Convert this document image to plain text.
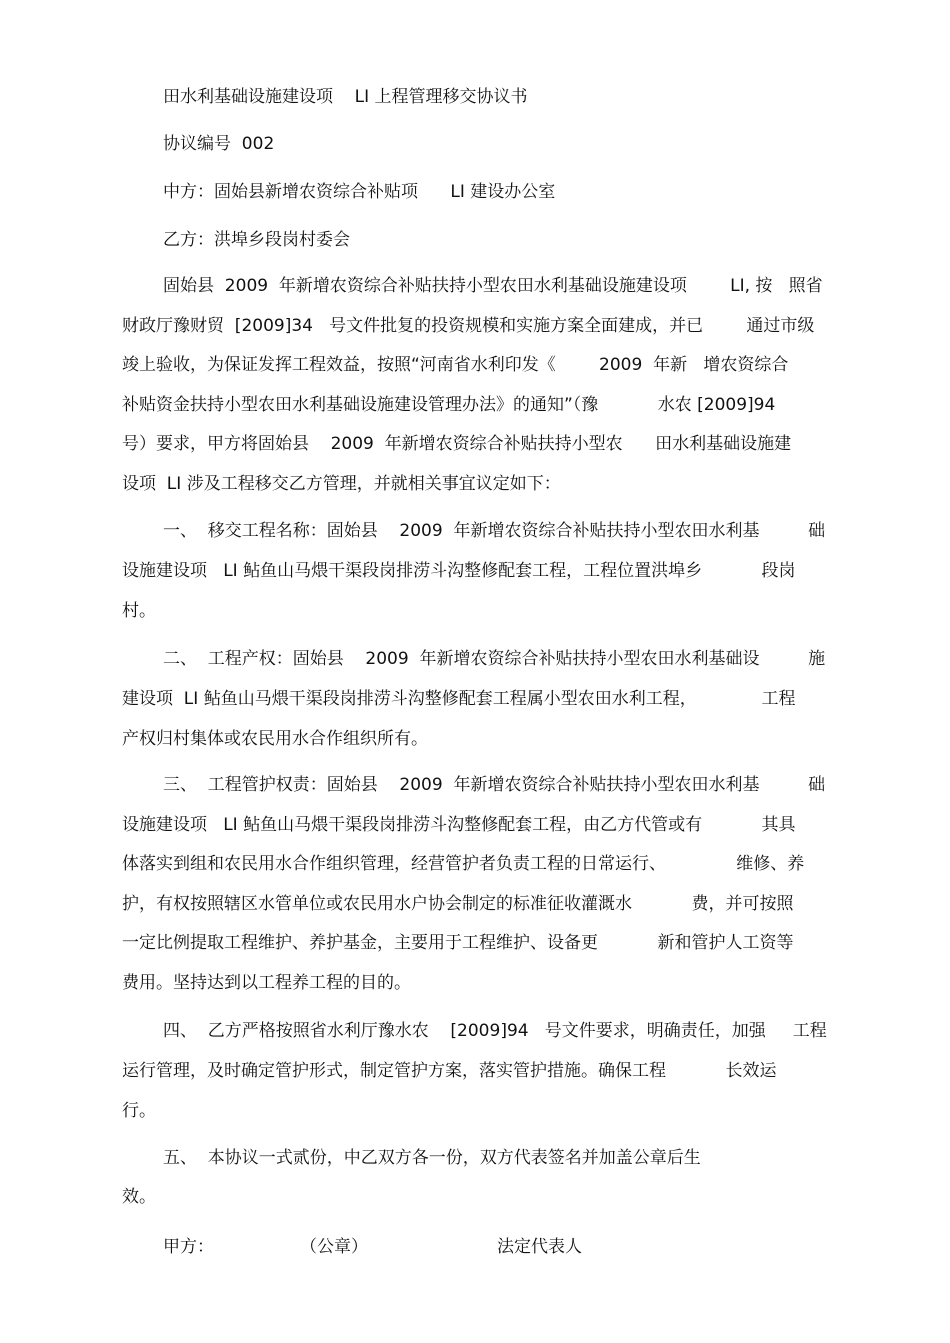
田水利基础设施建设项    LI 上程管理移交协议书
协议编号  002
中方：固始县新增农资综合补贴项      LI 建设办公室
乙方：洪埠乡段岗村委会
固始县  2009  年新增农资综合补贴扶持小型农田水利基础设施建设项        LI, 按   照省
财政厅豫财贸  [2009]34   号文件批复的投资规模和实施方案全面建成，并已        通过市级
竣上验收，为保证发挥工程效益，按照“河南省水利印发《        2009  年新   增农资综合
补贴资金扶持小型农田水利基础设施建设管理办法》的通知”（豫           水农 [2009]94
号）要求，甲方将固始县    2009  年新增农资综合补贴扶持小型农      田水利基础设施建
设项  LI 涉及工程移交乙方管理，并就相关事宜议定如下：
一、  移交工程名称：固始县    2009  年新增农资综合补贴扶持小型农田水利基         础
设施建设项   LI 鲇鱼山马煨干渠段岗排涝斗沟整修配套工程，工程位置洪埠乡           段岗
村。
二、  工程产权：固始县    2009  年新增农资综合补贴扶持小型农田水利基础设         施
建设项  LI 鲇鱼山马煨干渠段岗排涝斗沟整修配套工程属小型农田水利工程，            工程
产权归村集体或农民用水合作组织所有。
三、  工程管护权责：固始县    2009  年新增农资综合补贴扶持小型农田水利基         础
设施建设项   LI 鲇鱼山马煨干渠段岗排涝斗沟整修配套工程，由乙方代管或有           其具
体落实到组和农民用水合作组织管理，经营管护者负责工程的日常运行、             维修、养
护，有权按照辖区水管单位或农民用水户协会制定的标准征收灌溉水           费，并可按照
一定比例提取工程维护、养护基金，主要用于工程维护、设备更           新和管护人工资等
费用。坚持达到以工程养工程的目的。
四、  乙方严格按照省水利厅豫水农    [2009]94   号文件要求，明确责任，加强     工程
运行管理，及时确定管护形式，制定管护方案，落实管护措施。确保工程           长效运
行。
五、  本协议一式贰份，中乙双方各一份，双方代表签名并加盖公章后生
效。
甲方：	（公章）	法定代表人
